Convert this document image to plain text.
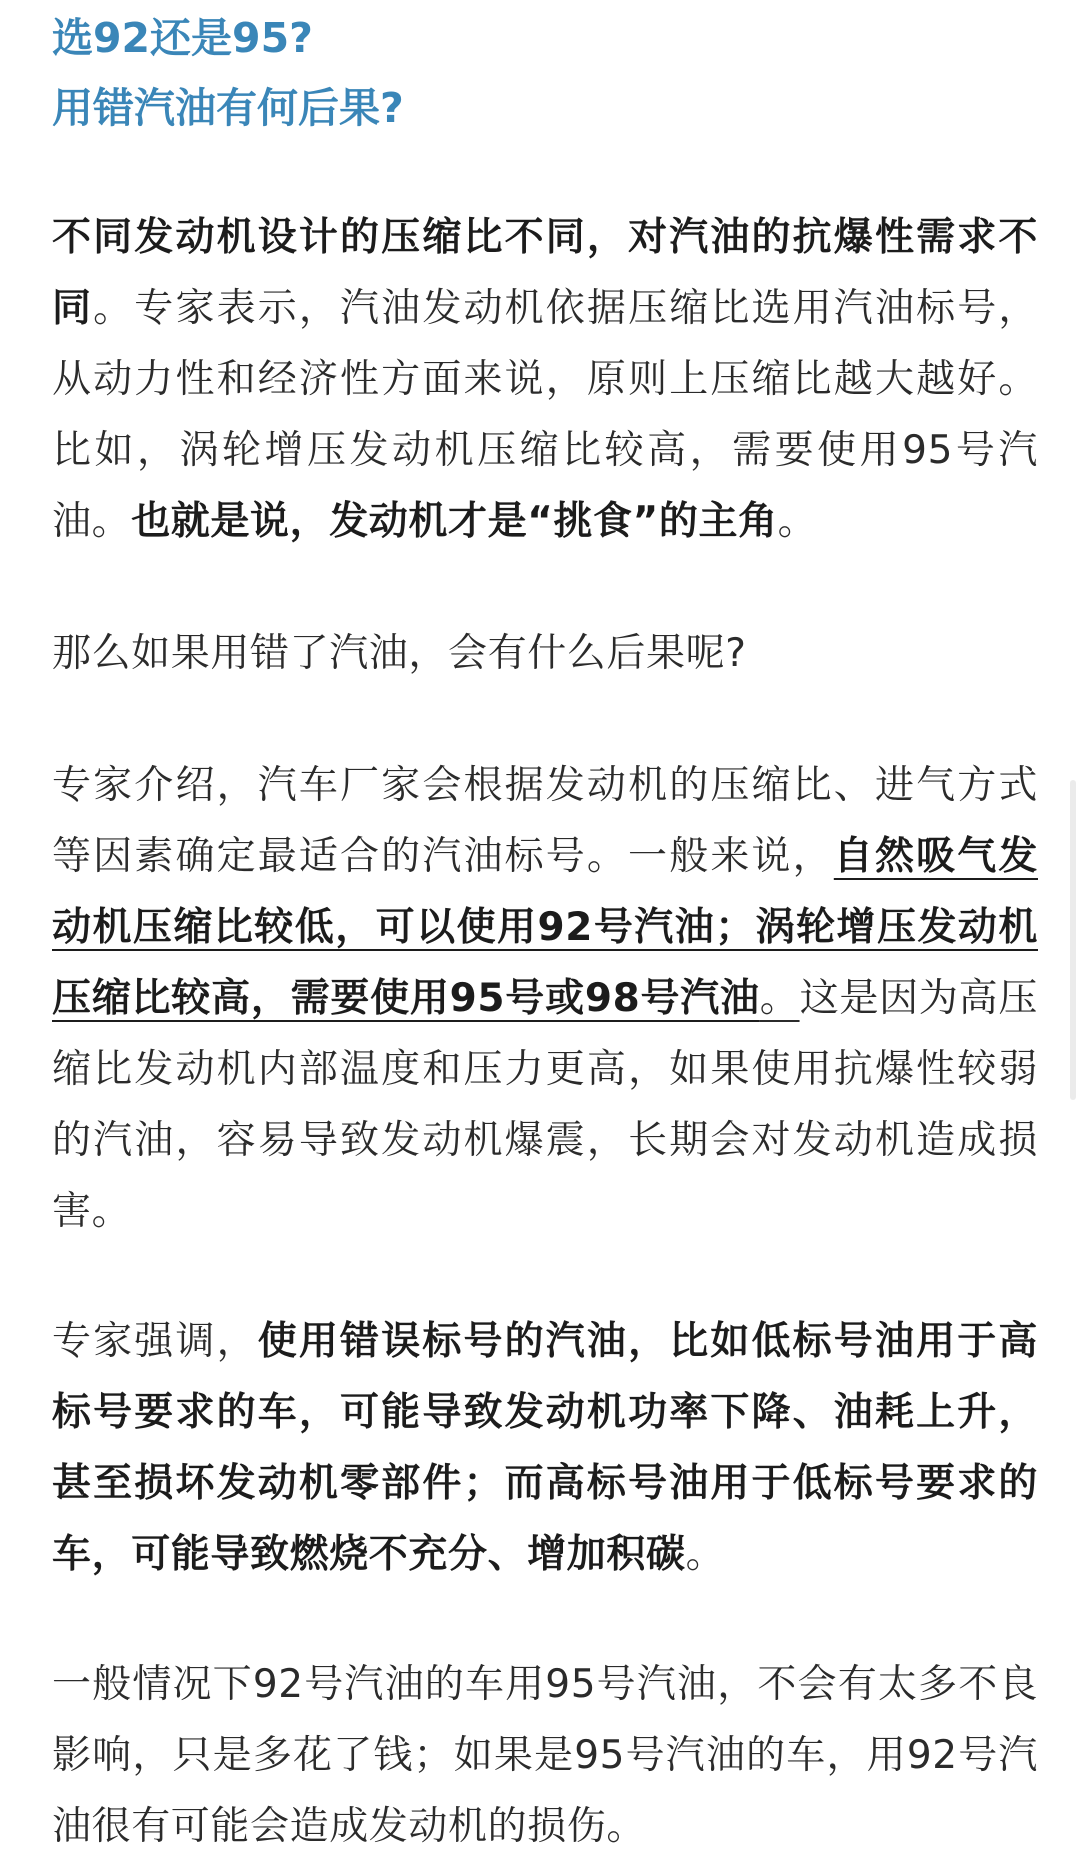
选92还是95?
用错汽油有何后果?

不同发动机设计的压缩比不同，对汽油的抗爆性需求不同。专家表示，汽油发动机依据压缩比选用汽油标号，从动力性和经济性方面来说，原则上压缩比越大越好。比如，涡轮增压发动机压缩比较高，需要使用95号汽油。也就是说，发动机才是“挑食”的主角。

那么如果用错了汽油，会有什么后果呢?

专家介绍，汽车厂家会根据发动机的压缩比、进气方式等因素确定最适合的汽油标号。一般来说，自然吸气发动机压缩比较低，可以使用92号汽油；涡轮增压发动机压缩比较高，需要使用95号或98号汽油。这是因为高压缩比发动机内部温度和压力更高，如果使用抗爆性较弱的汽油，容易导致发动机爆震，长期会对发动机造成损害。

专家强调，使用错误标号的汽油，比如低标号油用于高标号要求的车，可能导致发动机功率下降、油耗上升，甚至损坏发动机零部件；而高标号油用于低标号要求的车，可能导致燃烧不充分、增加积碳。

一般情况下92号汽油的车用95号汽油，不会有太多不良影响，只是多花了钱；如果是95号汽油的车，用92号汽油很有可能会造成发动机的损伤。
